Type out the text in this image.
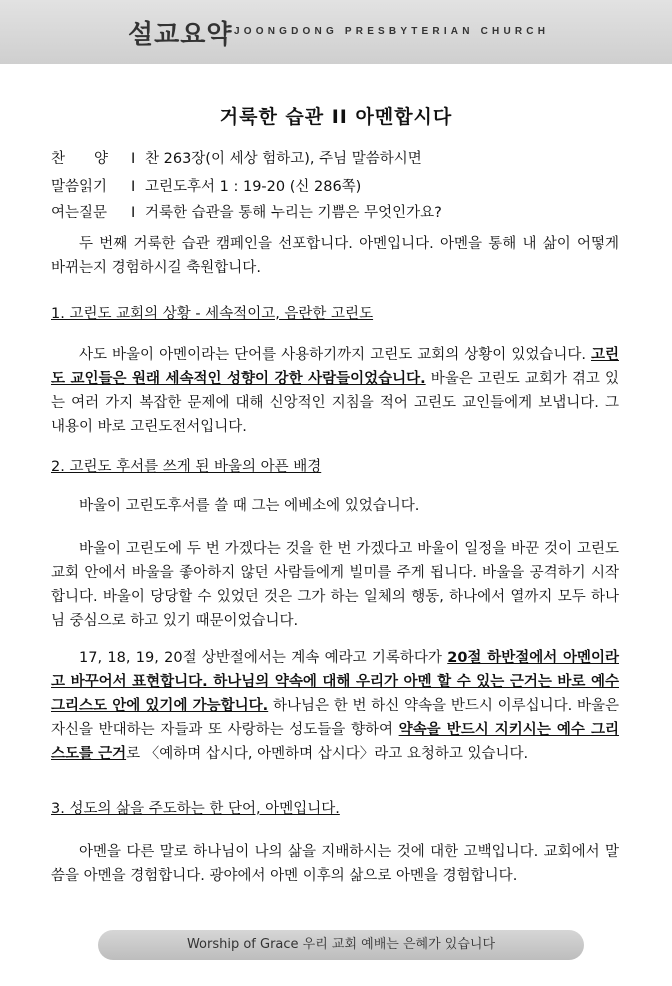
설교요약 JOONGDONG PRESBYTERIAN CHURCH
거룩한 습관 II 아멘합시다
찬　　양 I 찬 263장(이 세상 험하고), 주님 말씀하시면
말씀읽기 I 고린도후서 1 : 19-20 (신 286쪽)
여는질문 I 거룩한 습관을 통해 누리는 기쁨은 무엇인가요?
두 번째 거룩한 습관 캠페인을 선포합니다. 아멘입니다. 아멘을 통해 내 삶이 어떻게 바뀌는지 경험하시길 축원합니다.
1. 고린도 교회의 상황 - 세속적이고, 음란한 고린도
사도 바울이 아멘이라는 단어를 사용하기까지 고린도 교회의 상황이 있었습니다. 고린도 교인들은 원래 세속적인 성향이 강한 사람들이었습니다. 바울은 고린도 교회가 겪고 있는 여러 가지 복잡한 문제에 대해 신앙적인 지침을 적어 고린도 교인들에게 보냅니다. 그 내용이 바로 고린도전서입니다.
2. 고린도 후서를 쓰게 된 바울의 아픈 배경
바울이 고린도후서를 쓸 때 그는 에베소에 있었습니다.
바울이 고린도에 두 번 가겠다는 것을 한 번 가겠다고 바울이 일정을 바꾼 것이 고린도 교회 안에서 바울을 좋아하지 않던 사람들에게 빌미를 주게 됩니다. 바울을 공격하기 시작합니다. 바울이 당당할 수 있었던 것은 그가 하는 일체의 행동, 하나에서 열까지 모두 하나님 중심으로 하고 있기 때문이었습니다.
17, 18, 19, 20절 상반절에서는 계속 예라고 기록하다가 20절 하반절에서 아멘이라고 바꾸어서 표현합니다. 하나님의 약속에 대해 우리가 아멘 할 수 있는 근거는 바로 예수 그리스도 안에 있기에 가능합니다. 하나님은 한 번 하신 약속을 반드시 이루십니다. 바울은 자신을 반대하는 자들과 또 사랑하는 성도들을 향하여 약속을 반드시 지키시는 예수 그리스도를 근거로 〈예하며 삽시다, 아멘하며 삽시다〉라고 요청하고 있습니다.
3. 성도의 삶을 주도하는 한 단어, 아멘입니다.
아멘을 다른 말로 하나님이 나의 삶을 지배하시는 것에 대한 고백입니다. 교회에서 말씀을 아멘을 경험합니다. 광야에서 아멘 이후의 삶으로 아멘을 경험합니다.
Worship of Grace 우리 교회 예배는 은혜가 있습니다
